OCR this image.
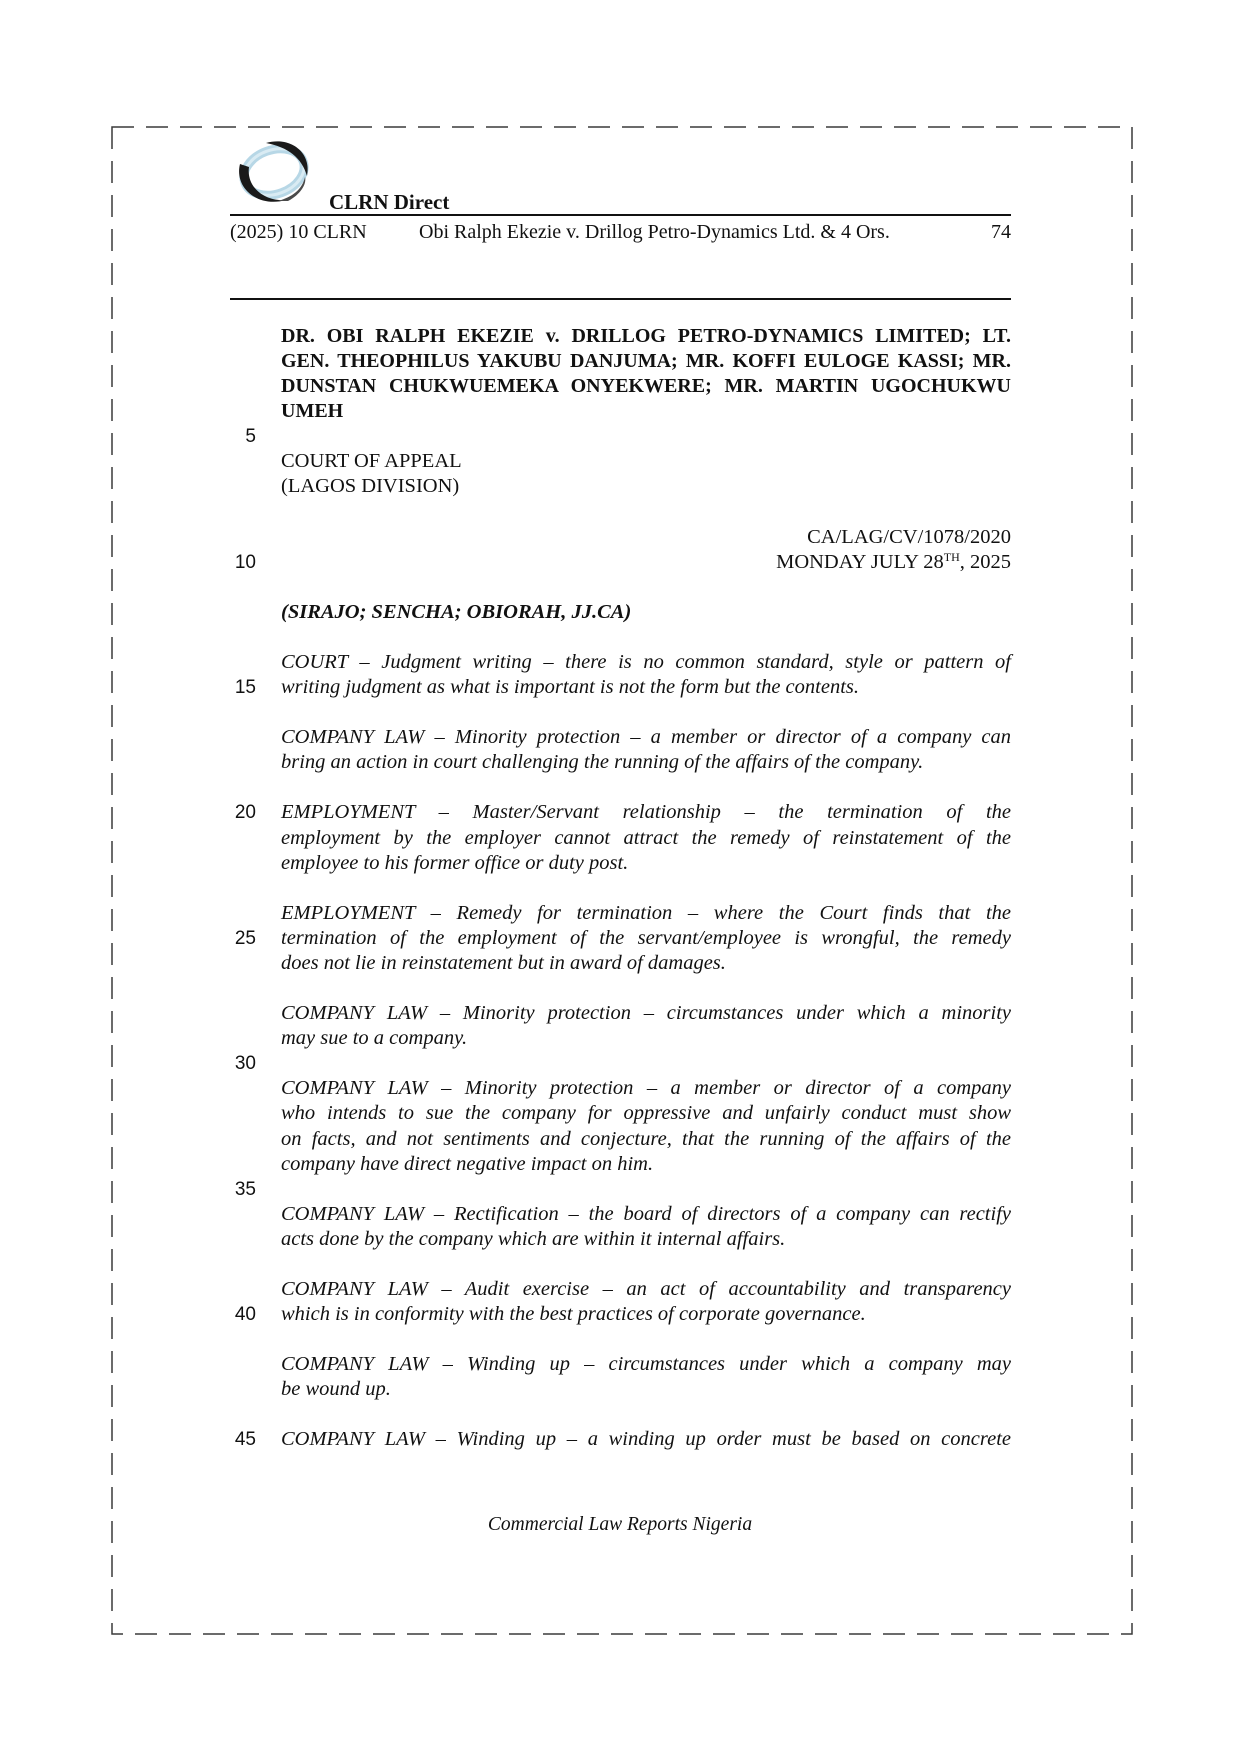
CLRN Direct
(2025) 10 CLRN	Obi Ralph Ekezie v. Drillog Petro-Dynamics Ltd. & 4 Ors.	74
DR. OBI RALPH EKEZIE v. DRILLOG PETRO-DYNAMICS LIMITED; LT.
GEN. THEOPHILUS YAKUBU DANJUMA; MR. KOFFI EULOGE KASSI; MR.
DUNSTAN CHUKWUEMEKA ONYEKWERE; MR. MARTIN UGOCHUKWU
UMEH
5
COURT OF APPEAL
(LAGOS DIVISION)
CA/LAG/CV/1078/2020
10	MONDAY JULY 28TH, 2025
(SIRAJO; SENCHA; OBIORAH, JJ.CA)
COURT – Judgment writing – there is no common standard, style or pattern of
15 writing judgment as what is important is not the form but the contents.
COMPANY LAW – Minority protection – a member or director of a company can
bring an action in court challenging the running of the affairs of the company.
20 EMPLOYMENT – Master/Servant relationship – the termination of the
employment by the employer cannot attract the remedy of reinstatement of the
employee to his former office or duty post.
EMPLOYMENT – Remedy for termination – where the Court finds that the
25 termination of the employment of the servant/employee is wrongful, the remedy
does not lie in reinstatement but in award of damages.
COMPANY LAW – Minority protection – circumstances under which a minority
may sue to a company.
30
COMPANY LAW – Minority protection – a member or director of a company
who intends to sue the company for oppressive and unfairly conduct must show
on facts, and not sentiments and conjecture, that the running of the affairs of the
company have direct negative impact on him.
35
COMPANY LAW – Rectification – the board of directors of a company can rectify
acts done by the company which are within it internal affairs.
COMPANY LAW – Audit exercise – an act of accountability and transparency
40 which is in conformity with the best practices of corporate governance.
COMPANY LAW – Winding up – circumstances under which a company may
be wound up.
45 COMPANY LAW – Winding up – a winding up order must be based on concrete
Commercial Law Reports Nigeria
